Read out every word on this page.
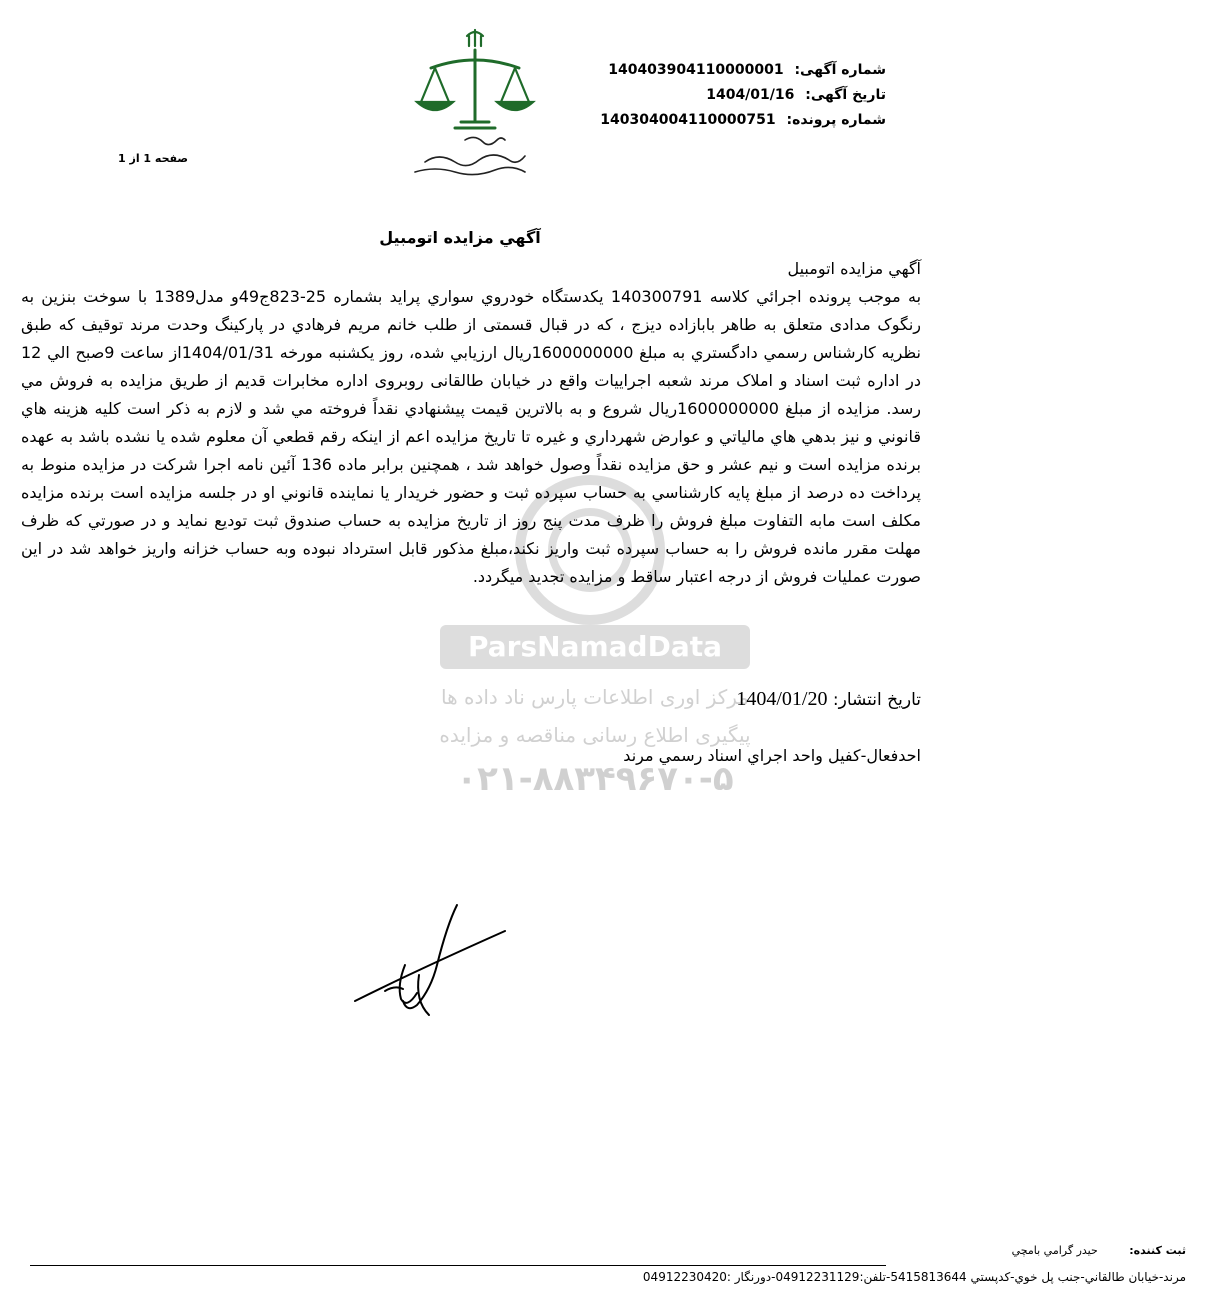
شماره آگهی: 140403904110000001
تاریخ آگهی: 1404/01/16
شماره پرونده: 140304004110000751
صفحه 1 از 1
آگهي مزايده اتومبيل
ParsNamadData
مرکز اوری اطلاعات پارس ناد داده ها
پیگیری اطلاع رسانی مناقصه و مزایده
۰۲۱-۸۸۳۴۹۶۷۰-۵

آگهي مزايده اتومبيل

به موجب پرونده اجرائي كلاسه 140300791 يكدستگاه خودروي سواري پرايد بشماره 25-823ج49و مدل1389 با سوخت بنزين به رنگوک مدادی متعلق به طاهر بابازاده ديزج ، که در قبال قسمتی از طلب خانم مريم فرهادي در پاركينگ وحدت مرند توقيف كه طبق نظريه كارشناس رسمي دادگستري به مبلغ 1600000000ريال ارزيابي شده، روز يكشنبه مورخه 1404/01/31از ساعت 9صبح الي 12 در اداره ثبت اسناد و املاک مرند شعبه اجراييات واقع در خيابان طالقانی روبروی اداره مخابرات قديم از طريق مزايده به فروش مي رسد. مزايده از مبلغ 1600000000ريال شروع و به بالاترين قيمت پيشنهادي نقداً فروخته مي شد و لازم به ذكر است كليه هزينه هاي قانوني و نيز بدهي هاي مالياتي و عوارض شهرداري و غيره تا تاريخ مزايده اعم از اينكه رقم قطعي آن معلوم شده يا نشده باشد به عهده برنده مزايده است و نيم عشر و حق مزايده نقداً وصول خواهد شد ، همچنين برابر ماده 136 آئين نامه اجرا شركت در مزايده منوط به پرداخت ده درصد از مبلغ پايه كارشناسي به حساب سپرده ثبت و حضور خريدار يا نماينده قانوني او در جلسه مزايده است برنده مزايده مكلف است مابه التفاوت مبلغ فروش را ظرف مدت پنج روز از تاريخ مزايده به حساب صندوق ثبت توديع نمايد و در صورتي كه ظرف مهلت مقرر مانده فروش را به حساب سپرده ثبت واريز نكند،مبلغ مذكور قابل استرداد نبوده وبه حساب خزانه واريز خواهد شد در اين صورت عمليات فروش از درجه اعتبار ساقط و مزايده تجديد ميگردد.

تاريخ انتشار: 1404/01/20
احدفعال-كفيل واحد اجراي اسناد رسمي مرند
ثبت كننده: حيدر گرامي بامچي
مرند-خيابان طالقاني-جنب پل خوي-كدپستي 5415813644-تلفن:04912231129-دورنگار :04912230420
